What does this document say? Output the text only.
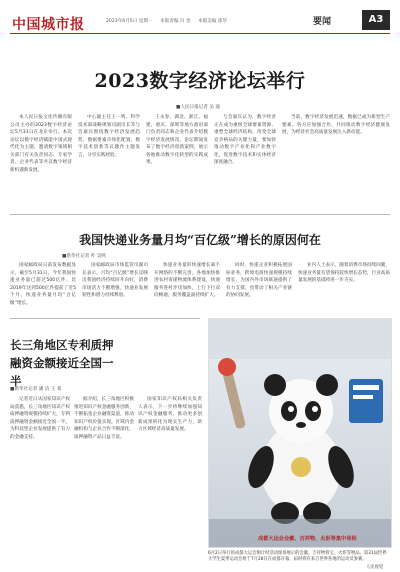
中国城市报	2023年6月5日 星期一 本版责编 冯 也 本版美编 邵华	要闻	A3
2023数字经济论坛举行
■人民日报记者 吴 迪
本人民日报文化传播有限公司主办的2023数字经济论坛5月31日在北京举行。本次论坛以数字经济赋能中国式现代化为主题，邀请数字领域相关部门有关负责同志、专家学者、企业代表等共议数字经济新机遇新发展。
中心副主任王一鸣、科学技术部战略规划司副司长等与会嘉宾围绕数字经济发展趋势、数据要素市场化配置、数字技术创新等议题作主题发言，分享实践经验。
王永春、湖北、浙江、福建、重庆、深圳等地方政府部门负责同志和企业代表介绍数字经济发展情况。论坛期间发布了数字经济创新案例，展示各地推动数字化转型的实践成果。
与会嘉宾认为，数字经济正在成为重组全球要素资源、重塑全球经济结构、改变全球竞争格局的关键力量，要加快推动数字产业化和产业数字化，促进数字技术和实体经济深度融合。
当前，数字经济发展迅速，数据已成为新型生产要素。各方应加强合作，共同推动数字经济健康发展，为经济社会高质量发展注入新动能。
我国快递业务量月均“百亿级”增长的原因何在
■新华社记者 叶 昊鸣
国家邮政局日前发布数据显示，截至5月31日，今年我国快递业务量已超过500亿件，比2019年达到500亿件提前了近5个月，快递业务量月均“百亿级”增长。
国家邮政局市场监管司副司长表示，月均“百亿级”增长反映出我国经济持续回升向好，消费市场活力不断增强，快递业发展韧性和潜力持续释放。
快递业务量的快速增长离不开网络的不断完善。各地加快推进农村寄递物流体系建设，快递服务进村步伐加快，上行下行双向畅通，服务覆盖面持续扩大。
同时，快递企业积极拓展国际业务，跨境电商快递规模持续增长，为国内外市场联通提供了有力支撑，也带动了相关产业链的协同发展。
业内人士表示，随着消费市场持续回暖，快递业务量有望保持较快增长态势，行业高质量发展的基础将进一步夯实。
长三角地区专利质押融资金额接近全国一半
■新华社记者 潘 洁 王 希
记者近日从国家知识产权局获悉，长三角地区知识产权质押融资规模持续扩大，专利质押融资金额接近全国一半，为科技型企业发展提供了有力的金融支持。
据介绍，长三角地区积极推进知识产权金融服务创新，不断拓宽企业融资渠道，推动知识产权价值实现。区域内金融机构与企业合作不断深化，质押融资产品日益丰富。
国家知识产权局相关负责人表示，下一步将继续加强知识产权金融服务，推动更多创新成果转化为现实生产力，助力区域经济高质量发展。
成都大运会会徽、吉祥物、火炬等集中亮相
6月2日举行的成都大运会倒计时活动现场展示的会徽、吉祥物蓉宝、火炬等物品。第31届世界大学生夏季运动会将于7月28日在成都开幕，届时将有来自世界各地的运动员参赛。
人民视觉
